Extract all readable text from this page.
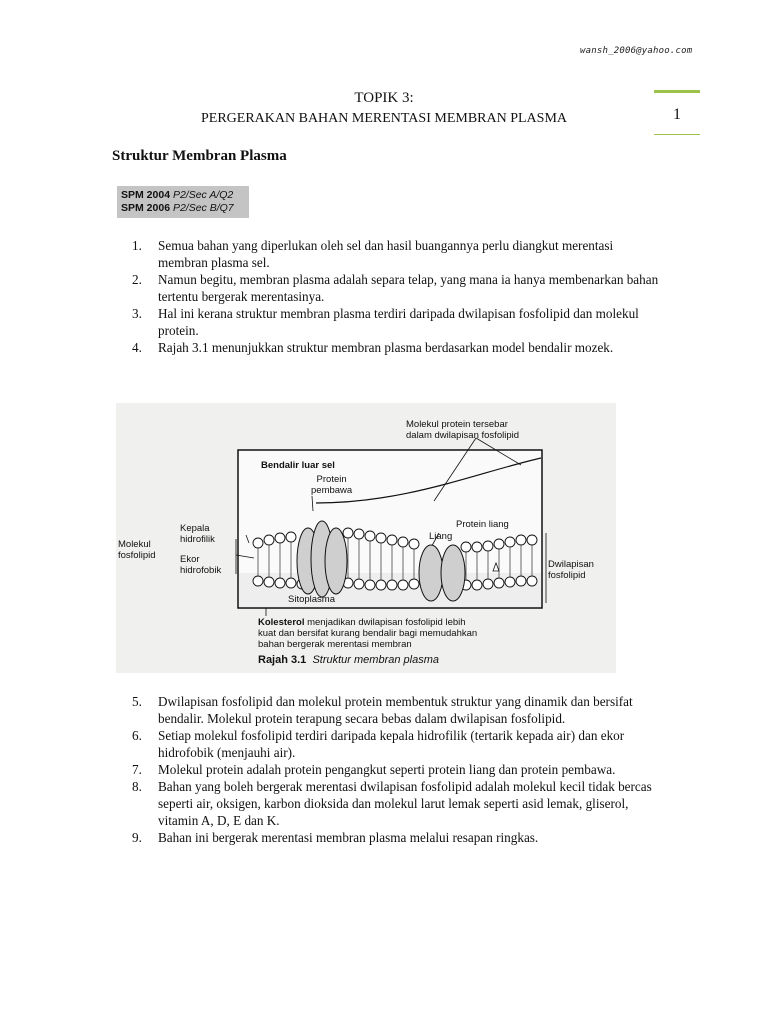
wansh_2006@yahoo.com
1
TOPIK 3:
PERGERAKAN BAHAN MERENTASI MEMBRAN PLASMA
Struktur Membran Plasma
SPM 2004 P2/Sec A/Q2
SPM 2006 P2/Sec B/Q7
1. Semua bahan yang diperlukan oleh sel dan hasil buangannya perlu diangkut merentasi membran plasma sel.
2. Namun begitu, membran plasma adalah separa telap, yang mana ia hanya membenarkan bahan tertentu bergerak merentasinya.
3. Hal ini kerana struktur membran plasma terdiri daripada dwilapisan fosfolipid dan molekul protein.
4. Rajah 3.1 menunjukkan struktur membran plasma berdasarkan model bendalir mozek.
Molekul protein tersebar
dalam dwilapisan fosfolipid
Bendalir luar sel
Protein
pembawa
Kepala
hidrofilik
Molekul
fosfolipid	Ekor
hidrofobik
Protein liang
Liang
Dwilapisan
fosfolipid
Sitoplasma
Kolesterol menjadikan dwilapisan fosfolipid lebih
kuat dan bersifat kurang bendalir bagi memudahkan
bahan bergerak merentasi membran
Rajah 3.1 Struktur membran plasma
5. Dwilapisan fosfolipid dan molekul protein membentuk struktur yang dinamik dan bersifat bendalir. Molekul protein terapung secara bebas dalam dwilapisan fosfolipid.
6. Setiap molekul fosfolipid terdiri daripada kepala hidrofilik (tertarik kepada air) dan ekor hidrofobik (menjauhi air).
7. Molekul protein adalah protein pengangkut seperti protein liang dan protein pembawa.
8. Bahan yang boleh bergerak merentasi dwilapisan fosfolipid adalah molekul kecil tidak bercas seperti air, oksigen, karbon dioksida dan molekul larut lemak seperti asid lemak, gliserol, vitamin A, D, E dan K.
9. Bahan ini bergerak merentasi membran plasma melalui resapan ringkas.
